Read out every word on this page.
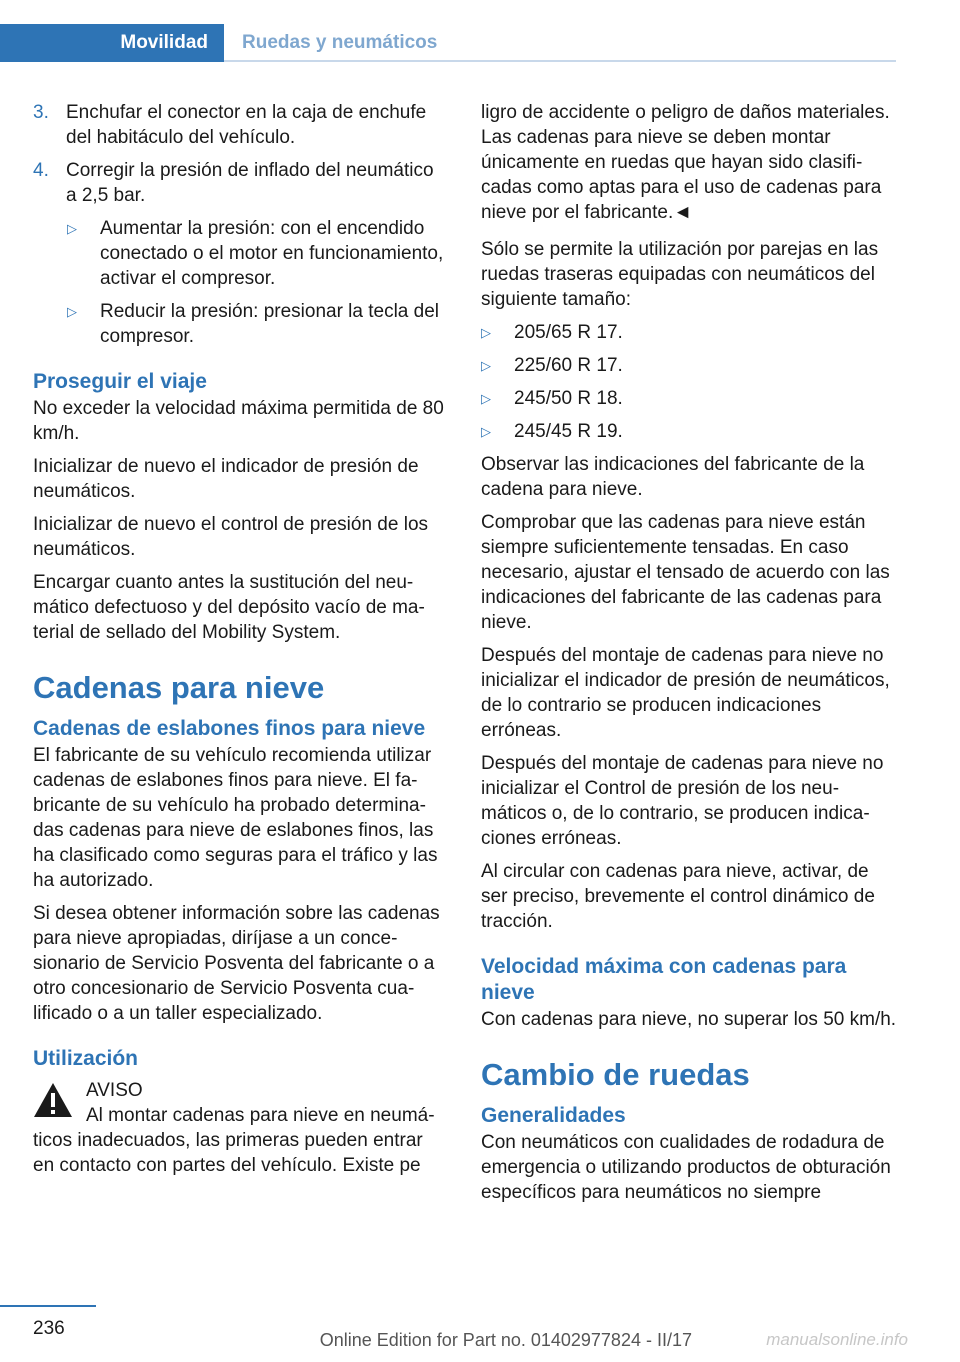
Movilidad	Ruedas y neumáticos
3. Enchufar el conector en la caja de enchufe del habitáculo del vehículo.
4. Corregir la presión de inflado del neumático a 2,5 bar.
▷ Aumentar la presión: con el encendido conectado o el motor en funcionamiento, activar el compresor.
▷ Reducir la presión: presionar la tecla del compresor.
Proseguir el viaje

No exceder la velocidad máxima permitida de 80 km/h.

Inicializar de nuevo el indicador de presión de neumáticos.

Inicializar de nuevo el control de presión de los neumáticos.

Encargar cuanto antes la sustitución del neumático defectuoso y del depósito vacío de material de sellado del Mobility System.

Cadenas para nieve
Cadenas de eslabones finos para nieve

El fabricante de su vehículo recomienda utilizar cadenas de eslabones finos para nieve. El fabricante de su vehículo ha probado determinadas cadenas para nieve de eslabones finos, las ha clasificado como seguras para el tráfico y las ha autorizado.

Si desea obtener información sobre las cadenas para nieve apropiadas, diríjase a un concesionario de Servicio Posventa del fabricante o a otro concesionario de Servicio Posventa cualificado o a un taller especializado.

Utilización
AVISO
Al montar cadenas para nieve en neumáticos inadecuados, las primeras pueden entrar en contacto con partes del vehículo. Existe pe

ligro de accidente o peligro de daños materiales. Las cadenas para nieve se deben montar únicamente en ruedas que hayan sido clasificadas como aptas para el uso de cadenas para nieve por el fabricante.◄

Sólo se permite la utilización por parejas en las ruedas traseras equipadas con neumáticos del siguiente tamaño:

▷ 205/65 R 17.
▷ 225/60 R 17.
▷ 245/50 R 18.
▷ 245/45 R 19.

Observar las indicaciones del fabricante de la cadena para nieve.

Comprobar que las cadenas para nieve están siempre suficientemente tensadas. En caso necesario, ajustar el tensado de acuerdo con las indicaciones del fabricante de las cadenas para nieve.

Después del montaje de cadenas para nieve no inicializar el indicador de presión de neumáticos, de lo contrario se producen indicaciones erróneas.

Después del montaje de cadenas para nieve no inicializar el Control de presión de los neumáticos o, de lo contrario, se producen indicaciones erróneas.

Al circular con cadenas para nieve, activar, de ser preciso, brevemente el control dinámico de tracción.

Velocidad máxima con cadenas para nieve

Con cadenas para nieve, no superar los 50 km/h.

Cambio de ruedas
Generalidades

Con neumáticos con cualidades de rodadura de emergencia o utilizando productos de obturación específicos para neumáticos no siempre

236
Online Edition for Part no. 01402977824 - II/17	manualsonline.info
